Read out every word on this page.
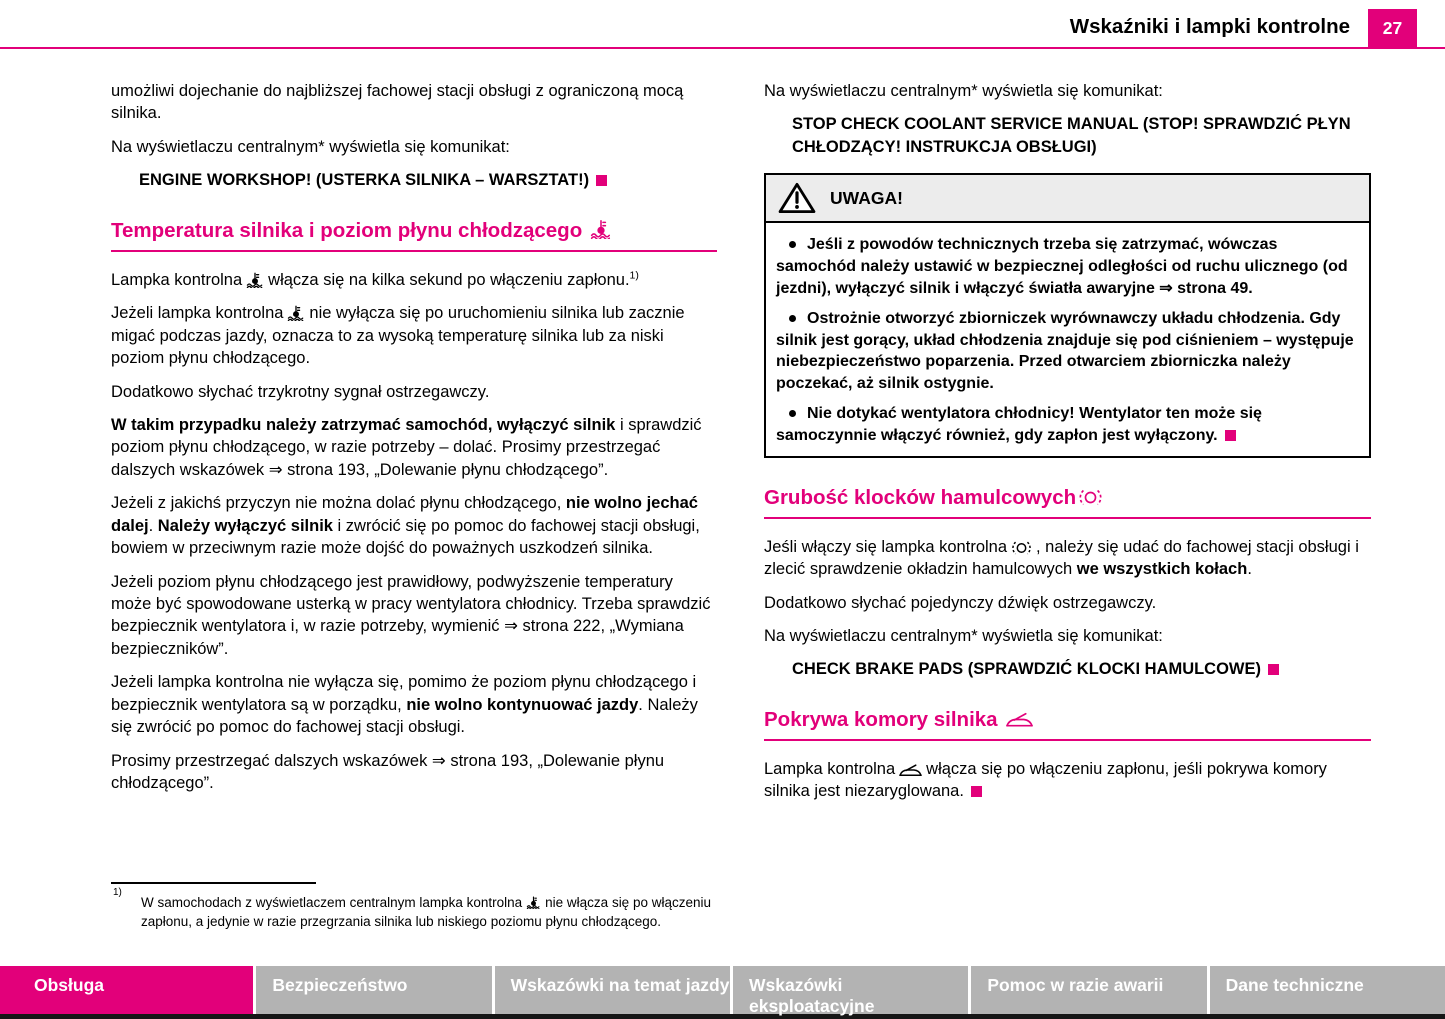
Wskaźniki i lampki kontrolne 27

umożliwi dojechanie do najbliższej fachowej stacji obsługi z ograniczoną mocą silnika.

Na wyświetlaczu centralnym* wyświetla się komunikat:

ENGINE WORKSHOP! (USTERKA SILNIKA – WARSZTAT!)

Temperatura silnika i poziom płynu chłodzącego

Lampka kontrolna włącza się na kilka sekund po włączeniu zapłonu.$^{1)}$

Jeżeli lampka kontrolna nie wyłącza się po uruchomieniu silnika lub zacznie migać podczas jazdy, oznacza to za wysoką temperaturę silnika lub za niski poziom płynu chłodzącego.

Dodatkowo słychać trzykrotny sygnał ostrzegawczy.

W takim przypadku należy zatrzymać samochód, wyłączyć silnik i sprawdzić poziom płynu chłodzącego, w razie potrzeby – dolać. Prosimy przestrzegać dalszych wskazówek ⇒ strona 193, „Dolewanie płynu chłodzącego”.

Jeżeli z jakichś przyczyn nie można dolać płynu chłodzącego, nie wolno jechać dalej. Należy wyłączyć silnik i zwrócić się po pomoc do fachowej stacji obsługi, bowiem w przeciwnym razie może dojść do poważnych uszkodzeń silnika.

Jeżeli poziom płynu chłodzącego jest prawidłowy, podwyższenie temperatury może być spowodowane usterką w pracy wentylatora chłodnicy. Trzeba sprawdzić bezpiecznik wentylatora i, w razie potrzeby, wymienić ⇒ strona 222, „Wymiana bezpieczników”.

Jeżeli lampka kontrolna nie wyłącza się, pomimo że poziom płynu chłodzącego i bezpiecznik wentylatora są w porządku, nie wolno kontynuować jazdy. Należy się zwrócić po pomoc do fachowej stacji obsługi.

Prosimy przestrzegać dalszych wskazówek ⇒ strona 193, „Dolewanie płynu chłodzącego”.

Na wyświetlaczu centralnym* wyświetla się komunikat:

STOP CHECK COOLANT SERVICE MANUAL (STOP! SPRAWDZIĆ PŁYN CHŁODZĄCY! INSTRUKCJA OBSŁUGI)

UWAGA!

Jeśli z powodów technicznych trzeba się zatrzymać, wówczas samochód należy ustawić w bezpiecznej odległości od ruchu ulicznego (od jezdni), wyłączyć silnik i włączyć światła awaryjne ⇒ strona 49.

Ostrożnie otworzyć zbiorniczek wyrównawczy układu chłodzenia. Gdy silnik jest gorący, układ chłodzenia znajduje się pod ciśnieniem – występuje niebezpieczeństwo poparzenia. Przed otwarciem zbiorniczka należy poczekać, aż silnik ostygnie.

Nie dotykać wentylatora chłodnicy! Wentylator ten może się samoczynnie włączyć również, gdy zapłon jest wyłączony.

Grubość klocków hamulcowych

Jeśli włączy się lampka kontrolna , należy się udać do fachowej stacji obsługi i zlecić sprawdzenie okładzin hamulcowych we wszystkich kołach.

Dodatkowo słychać pojedynczy dźwięk ostrzegawczy.

Na wyświetlaczu centralnym* wyświetla się komunikat:

CHECK BRAKE PADS (SPRAWDZIĆ KLOCKI HAMULCOWE)

Pokrywa komory silnika

Lampka kontrolna włącza się po włączeniu zapłonu, jeśli pokrywa komory silnika jest niezaryglowana.

1)
W samochodach z wyświetlaczem centralnym lampka kontrolna nie włącza się po włączeniu zapłonu, a jedynie w razie przegrzania silnika lub niskiego poziomu płynu chłodzącego.

Obsługa	Bezpieczeństwo	Wskazówki na temat jazdy	Wskazówki eksploatacyjne
Pomoc w razie awarii	Dane techniczne
